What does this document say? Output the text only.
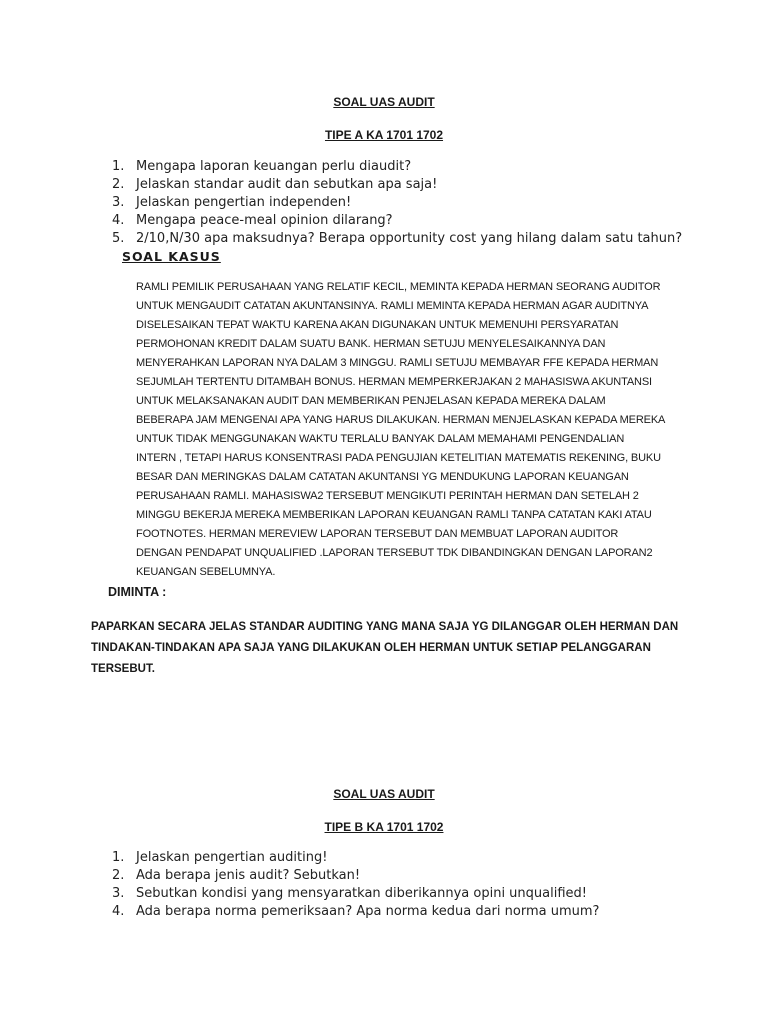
SOAL UAS AUDIT
TIPE A KA 1701 1702
1. Mengapa laporan keuangan perlu diaudit?
2. Jelaskan standar audit dan sebutkan apa saja!
3. Jelaskan pengertian independen!
4. Mengapa peace-meal opinion dilarang?
5. 2/10,N/30 apa maksudnya? Berapa opportunity cost yang hilang dalam satu tahun?
SOAL KASUS

RAMLI PEMILIK PERUSAHAAN YANG RELATIF KECIL, MEMINTA KEPADA HERMAN SEORANG AUDITOR
UNTUK MENGAUDIT CATATAN AKUNTANSINYA. RAMLI MEMINTA KEPADA HERMAN AGAR AUDITNYA
DISELESAIKAN TEPAT WAKTU KARENA AKAN DIGUNAKAN UNTUK MEMENUHI PERSYARATAN
PERMOHONAN KREDIT DALAM SUATU BANK. HERMAN SETUJU MENYELESAIKANNYA DAN
MENYERAHKAN LAPORAN NYA DALAM 3 MINGGU. RAMLI SETUJU MEMBAYAR FFE KEPADA HERMAN
SEJUMLAH TERTENTU DITAMBAH BONUS. HERMAN MEMPERKERJAKAN 2 MAHASISWA AKUNTANSI
UNTUK MELAKSANAKAN AUDIT DAN MEMBERIKAN PENJELASAN KEPADA MEREKA DALAM
BEBERAPA JAM MENGENAI APA YANG HARUS DILAKUKAN. HERMAN MENJELASKAN KEPADA MEREKA
UNTUK TIDAK MENGGUNAKAN WAKTU TERLALU BANYAK DALAM MEMAHAMI PENGENDALIAN
INTERN , TETAPI HARUS KONSENTRASI PADA PENGUJIAN KETELITIAN MATEMATIS REKENING, BUKU
BESAR DAN MERINGKAS DALAM CATATAN AKUNTANSI YG MENDUKUNG LAPORAN KEUANGAN
PERUSAHAAN RAMLI. MAHASISWA2 TERSEBUT MENGIKUTI PERINTAH HERMAN DAN SETELAH 2
MINGGU BEKERJA MEREKA MEMBERIKAN LAPORAN KEUANGAN RAMLI TANPA CATATAN KAKI ATAU
FOOTNOTES. HERMAN MEREVIEW LAPORAN TERSEBUT DAN MEMBUAT LAPORAN AUDITOR
DENGAN PENDAPAT UNQUALIFIED .LAPORAN TERSEBUT TDK DIBANDINGKAN DENGAN LAPORAN2
KEUANGAN SEBELUMNYA.

DIMINTA :

PAPARKAN SECARA JELAS STANDAR AUDITING YANG MANA SAJA YG DILANGGAR OLEH HERMAN DAN
TINDAKAN-TINDAKAN APA SAJA YANG DILAKUKAN OLEH HERMAN UNTUK SETIAP PELANGGARAN
TERSEBUT.

SOAL UAS AUDIT
TIPE B KA 1701 1702
1. Jelaskan pengertian auditing!
2. Ada berapa jenis audit? Sebutkan!
3. Sebutkan kondisi yang mensyaratkan diberikannya opini unqualified!
4. Ada berapa norma pemeriksaan? Apa norma kedua dari norma umum?
